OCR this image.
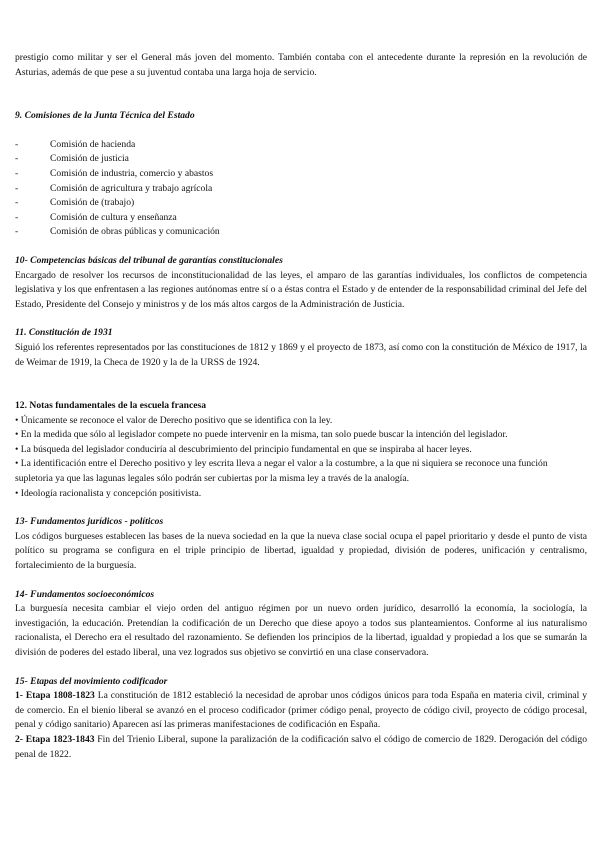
prestigio como militar y ser el General más joven del momento. También contaba con el antecedente durante la represión en la revolución de Asturias, además de que pese a su juventud contaba una larga hoja de servicio.

9. Comisiones de la Junta Técnica del Estado

-	Comisión de hacienda
-	Comisión de justicia
-	Comisión de industria, comercio y abastos
-	Comisión de agricultura y trabajo agrícola
-	Comisión de (trabajo)
-	Comisión de cultura y enseñanza
-	Comisión de obras públicas y comunicación

10- Competencias básicas del tribunal de garantías constitucionales

Encargado de resolver los recursos de inconstitucionalidad de las leyes, el amparo de las garantías individuales, los conflictos de competencia legislativa y los que enfrentasen a las regiones autónomas entre sí o a éstas contra el Estado y de entender de la responsabilidad criminal del Jefe del Estado, Presidente del Consejo y ministros y de los más altos cargos de la Administración de Justicia.

11. Constitución de 1931

Siguió los referentes representados por las constituciones de 1812 y 1869 y el proyecto de 1873, así como con la constitución de México de 1917, la de Weimar de 1919, la Checa de 1920 y la de la URSS de 1924.

12. Notas fundamentales de la escuela francesa

• Únicamente se reconoce el valor de Derecho positivo que se identifica con la ley.
• En la medida que sólo al legislador compete no puede intervenir en la misma, tan solo puede buscar la intención del legislador.
• La búsqueda del legislador conduciría al descubrimiento del principio fundamental en que se inspiraba al hacer leyes.
• La identificación entre el Derecho positivo y ley escrita lleva a negar el valor a la costumbre, a la que ni siquiera se reconoce una función supletoria ya que las lagunas legales sólo podrán ser cubiertas por la misma ley a través de la analogía.
• Ideología racionalista y concepción positivista.

13- Fundamentos jurídicos - políticos

Los códigos burgueses establecen las bases de la nueva sociedad en la que la nueva clase social ocupa el papel prioritario y desde el punto de vista político su programa se configura en el triple principio de libertad, igualdad y propiedad, división de poderes, unificación y centralismo, fortalecimiento de la burguesía.

14- Fundamentos socioeconómicos

La burguesía necesita cambiar el viejo orden del antiguo régimen por un nuevo orden jurídico, desarrolló la economía, la sociología, la investigación, la educación. Pretendían la codificación de un Derecho que diese apoyo a todos sus planteamientos. Conforme al ius naturalismo racionalista, el Derecho era el resultado del razonamiento. Se defienden los principios de la libertad, igualdad y propiedad a los que se sumarán la división de poderes del estado liberal, una vez logrados sus objetivo se convirtió en una clase conservadora.

15- Etapas del movimiento codificador

1- Etapa 1808-1823 La constitución de 1812 estableció la necesidad de aprobar unos códigos únicos para toda España en materia civil, criminal y de comercio. En el bienio liberal se avanzó en el proceso codificador (primer código penal, proyecto de código civil, proyecto de código procesal, penal y código sanitario) Aparecen así las primeras manifestaciones de codificación en España.

2- Etapa 1823-1843 Fin del Trienio Liberal, supone la paralización de la codificación salvo el código de comercio de 1829. Derogación del código penal de 1822.
